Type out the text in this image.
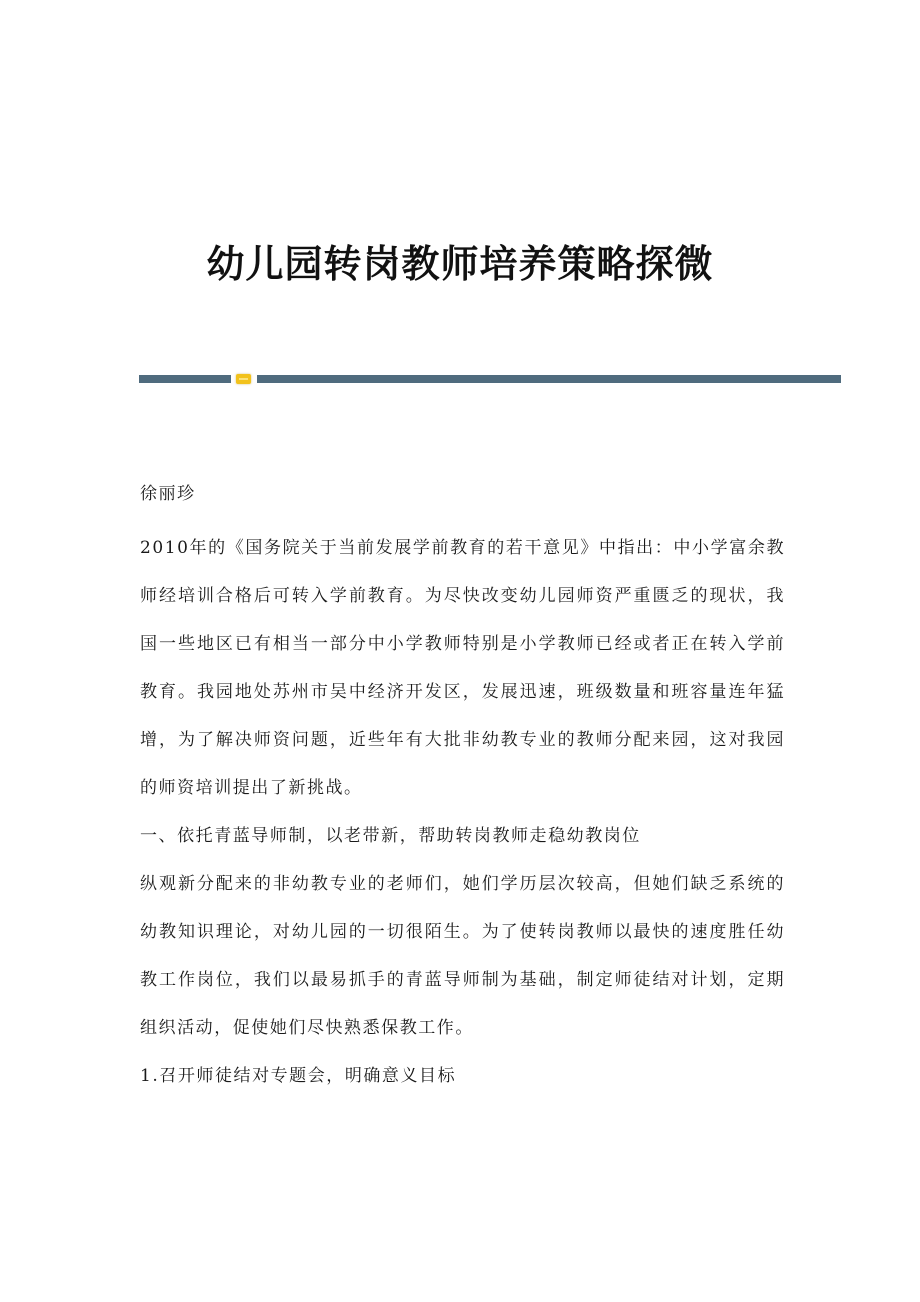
幼儿园转岗教师培养策略探微

徐丽珍

2010年的《国务院关于当前发展学前教育的若干意见》中指出：中小学富余教师经培训合格后可转入学前教育。为尽快改变幼儿园师资严重匮乏的现状，我国一些地区已有相当一部分中小学教师特别是小学教师已经或者正在转入学前教育。我园地处苏州市吴中经济开发区，发展迅速，班级数量和班容量连年猛增，为了解决师资问题，近些年有大批非幼教专业的教师分配来园，这对我园的师资培训提出了新挑战。

一、依托青蓝导师制，以老带新，帮助转岗教师走稳幼教岗位

纵观新分配来的非幼教专业的老师们，她们学历层次较高，但她们缺乏系统的幼教知识理论，对幼儿园的一切很陌生。为了使转岗教师以最快的速度胜任幼教工作岗位，我们以最易抓手的青蓝导师制为基础，制定师徒结对计划，定期组织活动，促使她们尽快熟悉保教工作。

1.召开师徒结对专题会，明确意义目标
